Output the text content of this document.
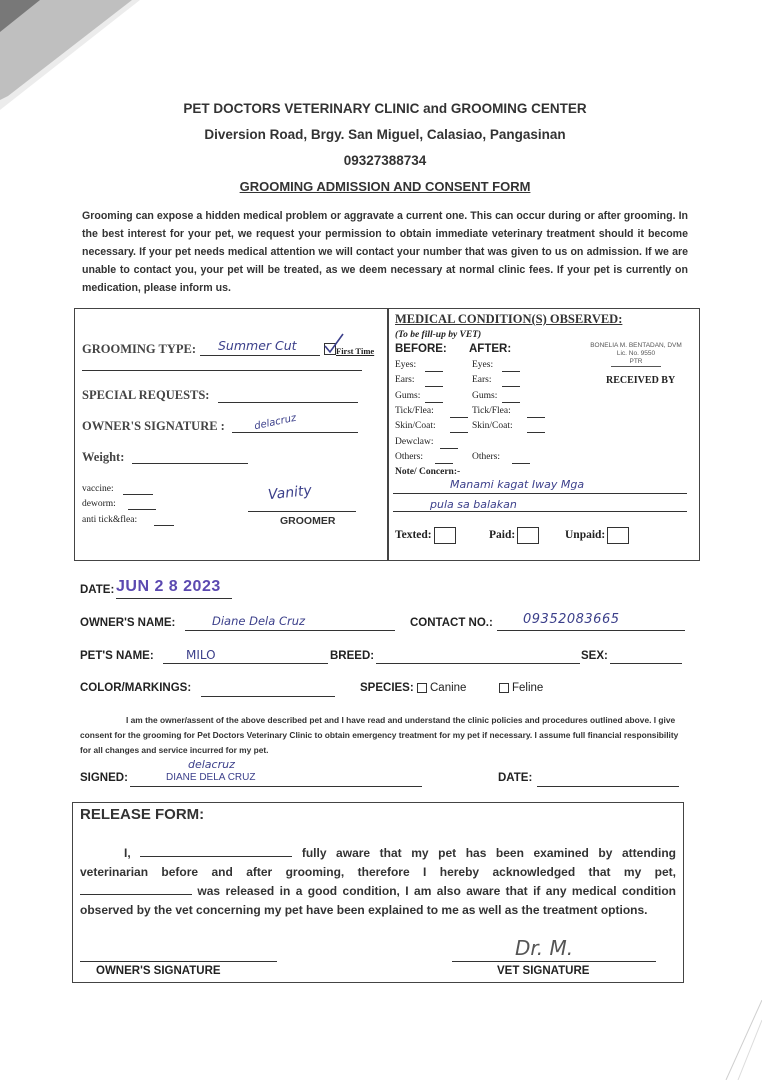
PET DOCTORS VETERINARY CLINIC and GROOMING CENTER
Diversion Road, Brgy. San Miguel, Calasiao, Pangasinan
09327388734
GROOMING ADMISSION AND CONSENT FORM
Grooming can expose a hidden medical problem or aggravate a current one. This can occur during or after grooming. In the best interest for your pet, we request your permission to obtain immediate veterinary treatment should it become necessary. If your pet needs medical attention we will contact your number that was given to us on admission. If we are unable to contact you, your pet will be treated, as we deem necessary at normal clinic fees. If your pet is currently on medication, please inform us.
GROOMING TYPE: Summer Cut	First Time
SPECIAL REQUESTS:
OWNER'S SIGNATURE :	delacruz
Weight:
vaccine:
deworm:
anti tick&flea:
Vanity
GROOMER
MEDICAL CONDITION(S) OBSERVED:
(To be fill-up by VET)
BEFORE: AFTER:	BONELIA M. BENTADAN, DVM
Lic. No. 9550
PTR
RECEIVED BY
Eyes:	Eyes:
Ears:	Ears:
Gums:	Gums:
Tick/Flea:	Tick/Flea:
Skin/Coat:	Skin/Coat:
Dewclaw:
Others:	Others:
Note/ Concern:-
Manami kagat Iway Mga
pula sa balakan
Texted:	Paid:	Unpaid:
DATE: JUN 2 8 2023
OWNER'S NAME:	Diane Dela Cruz	CONTACT NO.: 09352083665
PET'S NAME:	MILO	BREED:	SEX:
COLOR/MARKINGS:	SPECIES:	Canine	Feline
I am the owner/assent of the above described pet and I have read and understand the clinic policies and procedures outlined above. I give consent for the grooming for Pet Doctors Veterinary Clinic to obtain emergency treatment for my pet if necessary. I assume full financial responsibility for all changes and service incurred for my pet.
SIGNED:
delacruz
DIANE DELA CRUZ	DATE:
RELEASE FORM:
I,	fully aware that my pet has been examined by attending veterinarian before and after grooming, therefore I hereby acknowledged that my pet,  was released in a good condition, I am also aware that if any medical condition observed by the vet concerning my pet have been explained to me as well as the treatment options.
OWNER'S SIGNATURE
Dr. M.
VET SIGNATURE
